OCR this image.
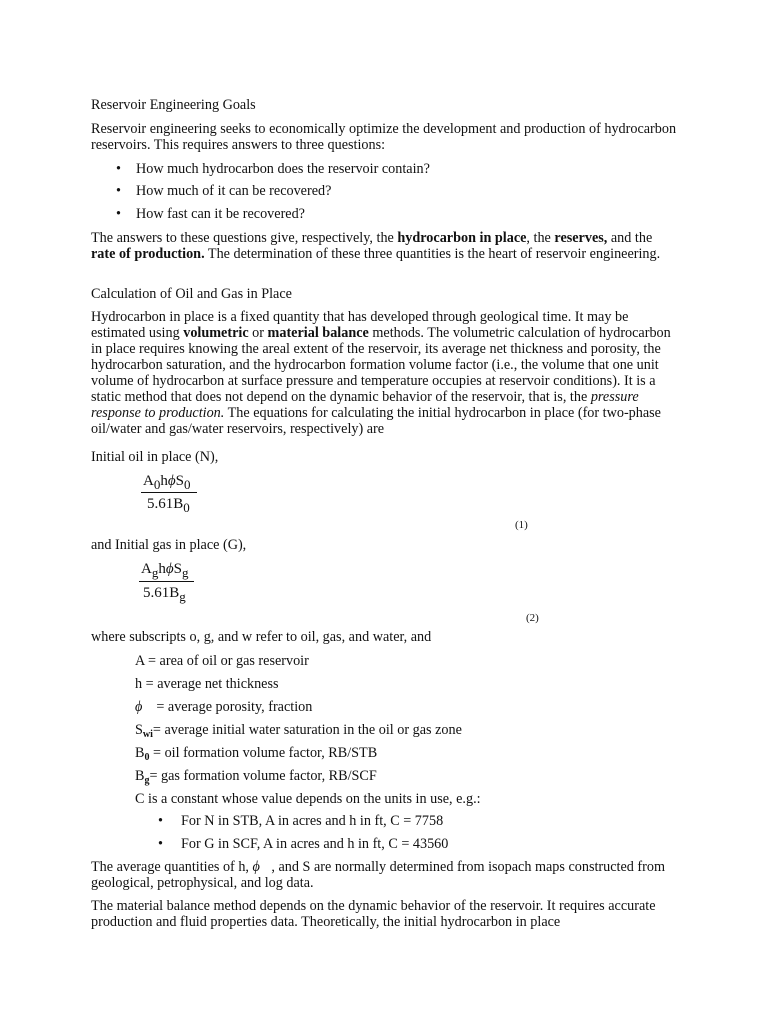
Reservoir Engineering Goals

Reservoir engineering seeks to economically optimize the development and production of hydrocarbon reservoirs. This requires answers to three questions:

• How much hydrocarbon does the reservoir contain?
• How much of it can be recovered?
• How fast can it be recovered?

The answers to these questions give, respectively, the hydrocarbon in place, the reserves, and the rate of production. The determination of these three quantities is the heart of reservoir engineering.

Calculation of Oil and Gas in Place

Hydrocarbon in place is a fixed quantity that has developed through geological time. It may be estimated using volumetric or material balance methods. The volumetric calculation of hydrocarbon in place requires knowing the areal extent of the reservoir, its average net thickness and porosity, the hydrocarbon saturation, and the hydrocarbon formation volume factor (i.e., the volume that one unit volume of hydrocarbon at surface pressure and temperature occupies at reservoir conditions). It is a static method that does not depend on the dynamic behavior of the reservoir, that is, the pressure response to production. The equations for calculating the initial hydrocarbon in place (for two-phase oil/water and gas/water reservoirs, respectively) are

Initial oil in place (N),

$A_0h\phi S_0$
$5.61B_0$
(1)

and Initial gas in place (G),

$A_gh\phi S_g$
$5.61B_g$
(2)

where subscripts o, g, and w refer to oil, gas, and water, and

A = area of oil or gas reservoir
h = average net thickness
ϕ = average porosity, fraction
$S_{wi}=$ average initial water saturation in the oil or gas zone
$B_0$ = oil formation volume factor, RB/STB
$B_g=$ gas formation volume factor, RB/SCF
C is a constant whose value depends on the units in use, e.g.:
• For N in STB, A in acres and h in ft, C = 7758
• For G in SCF, A in acres and h in ft, C = 43560

The average quantities of h, ϕ , and S are normally determined from isopach maps constructed from geological, petrophysical, and log data.

The material balance method depends on the dynamic behavior of the reservoir. It requires accurate production and fluid properties data. Theoretically, the initial hydrocarbon in place
